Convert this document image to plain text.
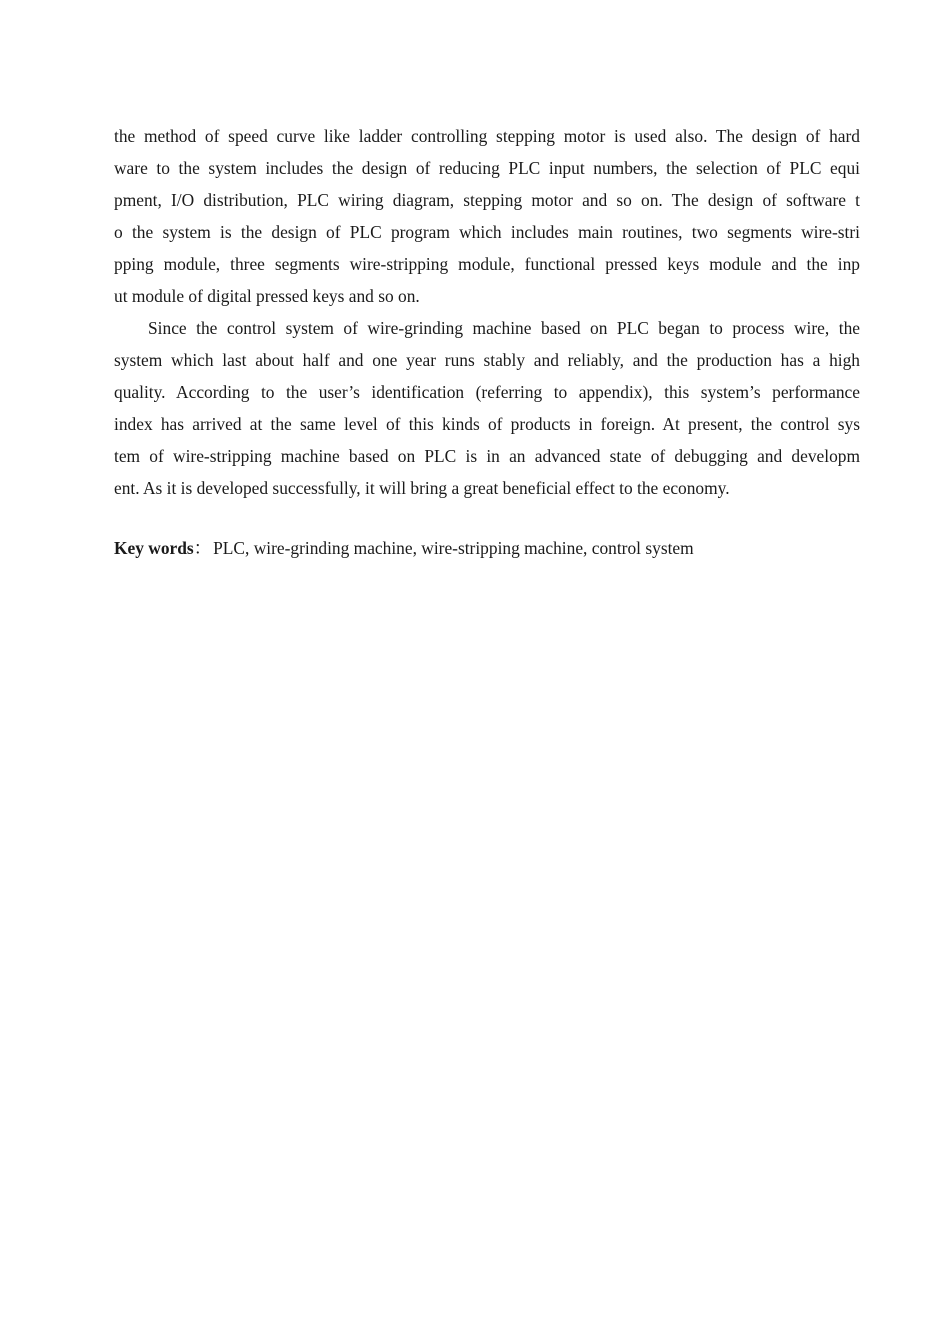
the method of speed curve like ladder controlling stepping motor is used also. The design of hard
ware to the system includes the design of reducing PLC input numbers, the selection of PLC equi
pment, I/O distribution, PLC wiring diagram, stepping motor and so on. The design of software t
o the system is the design of PLC program which includes main routines, two segments wire-stri
pping module, three segments wire-stripping module, functional pressed keys module and the inp
ut module of digital pressed keys and so on.
Since the control system of wire-grinding machine based on PLC began to process wire, the
system which last about half and one year runs stably and reliably, and the production has a high
quality. According to the user’s identification (referring to appendix), this system’s performance
index has arrived at the same level of this kinds of products in foreign. At present, the control sys
tem of wire-stripping machine based on PLC is in an advanced state of debugging and developm
ent. As it is developed successfully, it will bring a great beneficial effect to the economy.
Key words： PLC, wire-grinding machine, wire-stripping machine, control system
